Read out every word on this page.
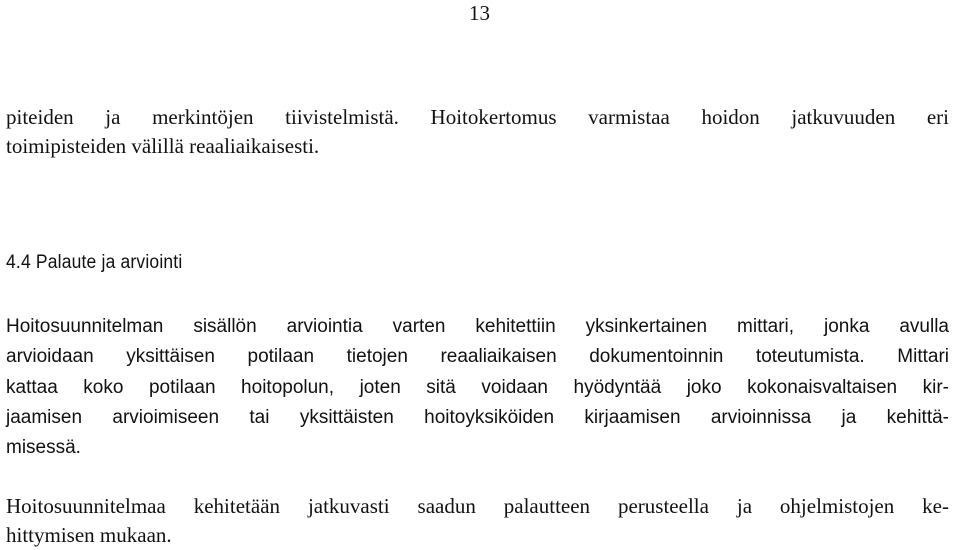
13
piteiden ja merkintöjen tiivistelmistä. Hoitokertomus varmistaa hoidon jatkuvuuden eri
toimipisteiden välillä reaaliaikaisesti.
4.4 Palaute ja arviointi
Hoitosuunnitelman sisällön arviointia varten kehitettiin yksinkertainen mittari, jonka avulla
arvioidaan yksittäisen potilaan tietojen reaaliaikaisen dokumentoinnin toteutumista. Mittari
kattaa koko potilaan hoitopolun, joten sitä voidaan hyödyntää joko kokonaisvaltaisen kir-
jaamisen arvioimiseen tai yksittäisten hoitoyksiköiden kirjaamisen arvioinnissa ja kehittä-
misessä.
Hoitosuunnitelmaa kehitetään jatkuvasti saadun palautteen perusteella ja ohjelmistojen ke-
hittymisen mukaan.
